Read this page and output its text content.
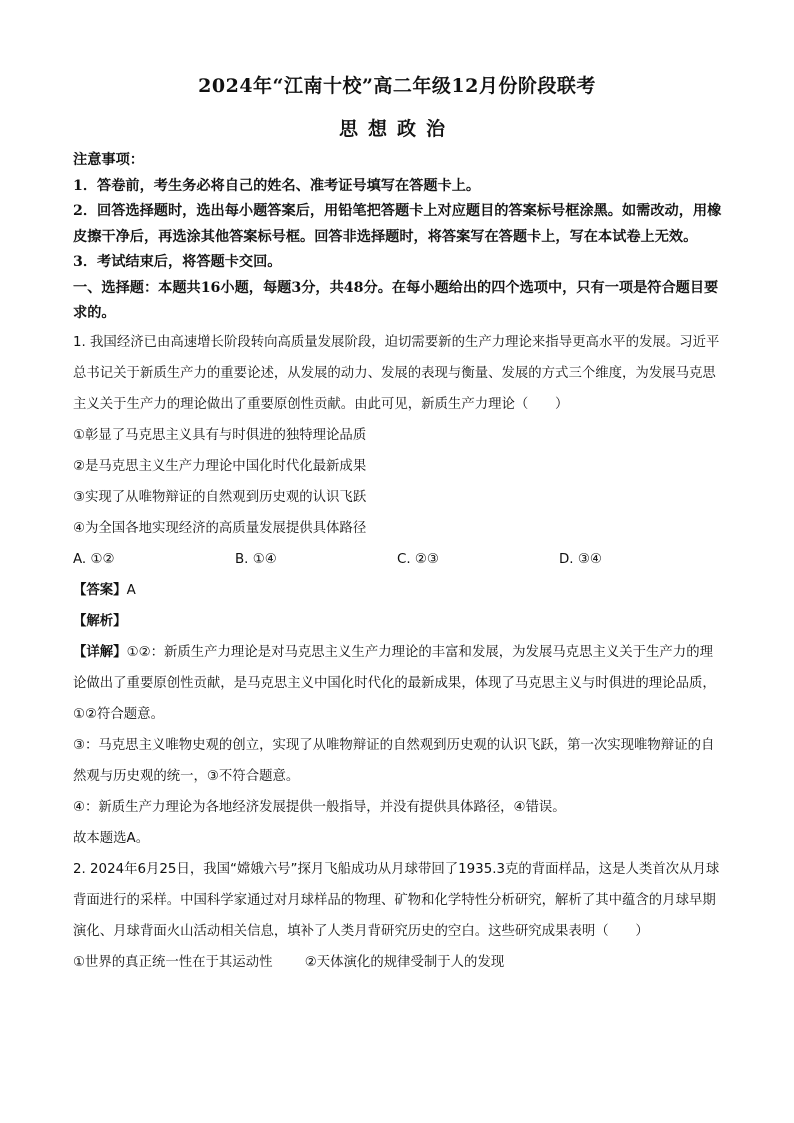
2024年“江南十校”高二年级12月份阶段联考
思想政治

注意事项：

1．答卷前，考生务必将自己的姓名、准考证号填写在答题卡上。

2．回答选择题时，选出每小题答案后，用铅笔把答题卡上对应题目的答案标号框涂黑。如需改动，用橡皮擦干净后，再选涂其他答案标号框。回答非选择题时，将答案写在答题卡上，写在本试卷上无效。

3．考试结束后，将答题卡交回。

一、选择题：本题共16小题，每题3分，共48分。在每小题给出的四个选项中，只有一项是符合题目要求的。

1. 我国经济已由高速增长阶段转向高质量发展阶段，迫切需要新的生产力理论来指导更高水平的发展。习近平总书记关于新质生产力的重要论述，从发展的动力、发展的表现与衡量、发展的方式三个维度，为发展马克思主义关于生产力的理论做出了重要原创性贡献。由此可见，新质生产力理论（　　）

①彰显了马克思主义具有与时俱进的独特理论品质

②是马克思主义生产力理论中国化时代化最新成果

③实现了从唯物辩证的自然观到历史观的认识飞跃

④为全国各地实现经济的高质量发展提供具体路径

A. ①②	B. ①④	C. ②③	D. ③④

【答案】A

【解析】

【详解】①②：新质生产力理论是对马克思主义生产力理论的丰富和发展，为发展马克思主义关于生产力的理论做出了重要原创性贡献，是马克思主义中国化时代化的最新成果，体现了马克思主义与时俱进的理论品质，①②符合题意。

③：马克思主义唯物史观的创立，实现了从唯物辩证的自然观到历史观的认识飞跃，第一次实现唯物辩证的自然观与历史观的统一，③不符合题意。

④：新质生产力理论为各地经济发展提供一般指导，并没有提供具体路径，④错误。

故本题选A。

2. 2024年6月25日，我国“嫦娥六号”探月飞船成功从月球带回了1935.3克的背面样品，这是人类首次从月球背面进行的采样。中国科学家通过对月球样品的物理、矿物和化学特性分析研究，解析了其中蕴含的月球早期演化、月球背面火山活动相关信息，填补了人类月背研究历史的空白。这些研究成果表明（　　）

①世界的真正统一性在于其运动性 ②天体演化的规律受制于人的发现
